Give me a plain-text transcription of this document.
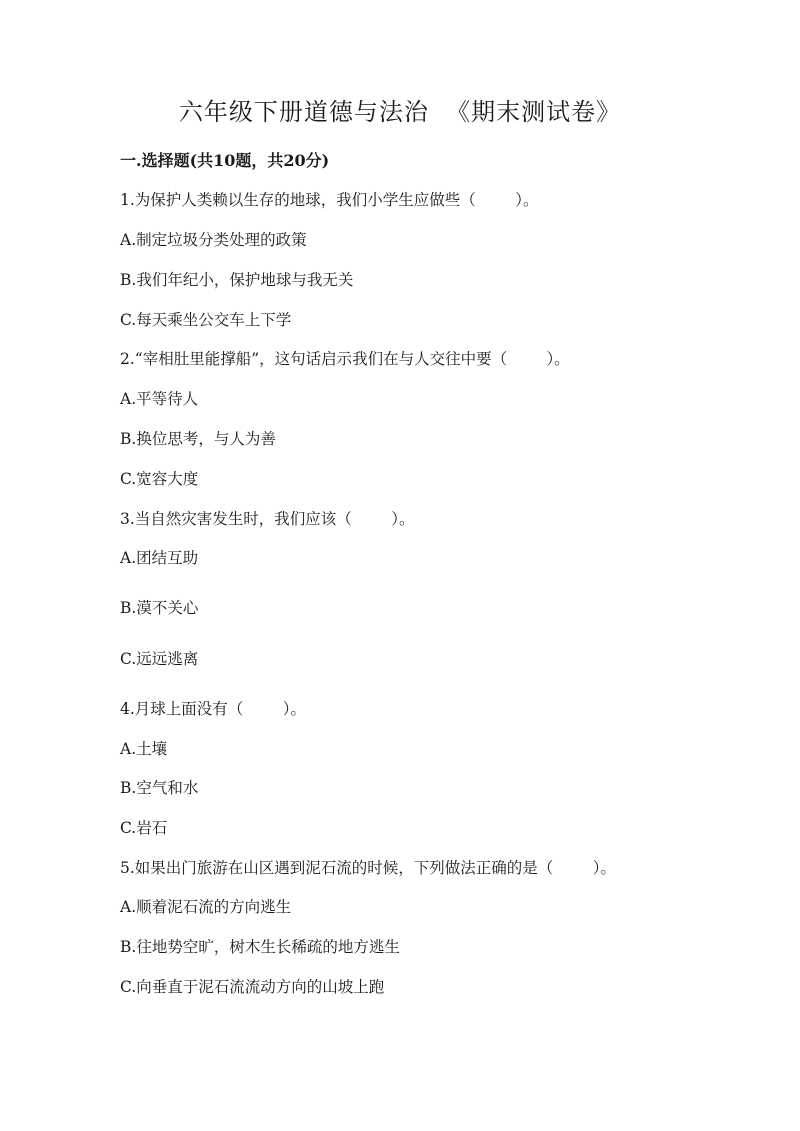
六年级下册道德与法治  《期末测试卷》
一.选择题(共10题，共20分)
1.为保护人类赖以生存的地球，我们小学生应做些（        ）。
A.制定垃圾分类处理的政策
B.我们年纪小，保护地球与我无关
C.每天乘坐公交车上下学
2.“宰相肚里能撑船”，这句话启示我们在与人交往中要（        ）。
A.平等待人
B.换位思考，与人为善
C.宽容大度
3.当自然灾害发生时，我们应该（        ）。
A.团结互助
B.漠不关心
C.远远逃离
4.月球上面没有（        ）。
A.土壤
B.空气和水
C.岩石
5.如果出门旅游在山区遇到泥石流的时候，下列做法正确的是（        ）。
A.顺着泥石流的方向逃生
B.往地势空旷，树木生长稀疏的地方逃生
C.向垂直于泥石流流动方向的山坡上跑
